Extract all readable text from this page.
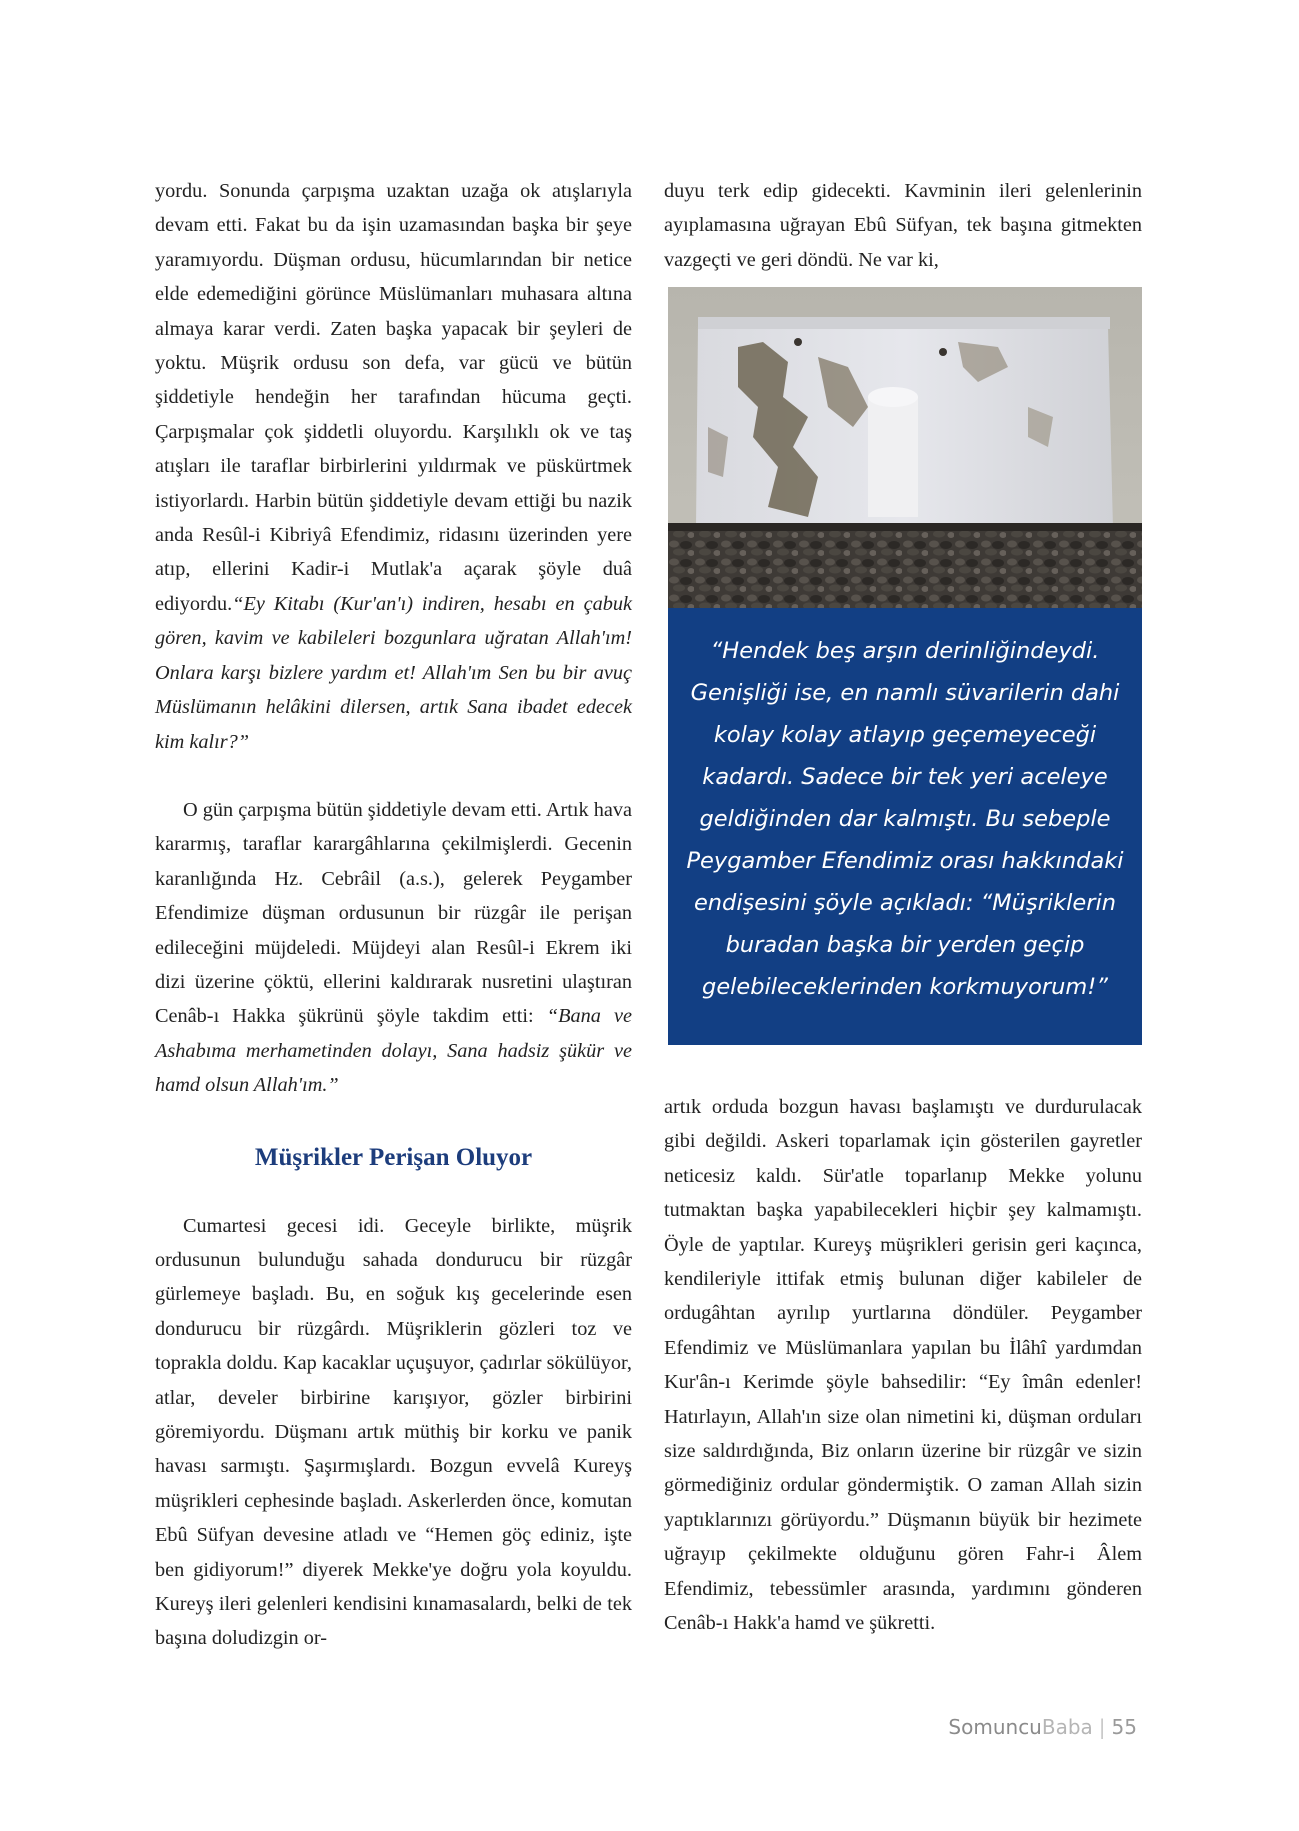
yordu. Sonunda çarpışma uzaktan uzağa ok atışlarıyla devam etti. Fakat bu da işin uzamasından başka bir şeye yaramıyordu. Düşman ordusu, hücumlarından bir netice elde edemediğini görünce Müslümanları muhasara altına almaya karar verdi. Zaten başka yapacak bir şeyleri de yoktu. Müşrik ordusu son defa, var gücü ve bütün şiddetiyle hendeğin her tarafından hücuma geçti. Çarpışmalar çok şiddetli oluyordu. Karşılıklı ok ve taş atışları ile taraflar birbirlerini yıldırmak ve püskürtmek istiyorlardı. Harbin bütün şiddetiyle devam ettiği bu nazik anda Resûl-i Kibriyâ Efendimiz, ridasını üzerinden yere atıp, ellerini Kadir-i Mutlak'a açarak şöyle duâ ediyordu.“Ey Kitabı (Kur'an'ı) indiren, hesabı en çabuk gören, kavim ve kabileleri bozgunlara uğratan Allah'ım! Onlara karşı bizlere yardım et! Allah'ım Sen bu bir avuç Müslümanın helâkini dilersen, artık Sana ibadet edecek kim kalır?”

O gün çarpışma bütün şiddetiyle devam etti. Artık hava kararmış, taraflar karargâhlarına çekilmişlerdi. Gecenin karanlığında Hz. Cebrâil (a.s.), gelerek Peygamber Efendimize düşman ordusunun bir rüzgâr ile perişan edileceğini müjdeledi. Müjdeyi alan Resûl-i Ekrem iki dizi üzerine çöktü, ellerini kaldırarak nusretini ulaştıran Cenâb-ı Hakka şükrünü şöyle takdim etti: “Bana ve Ashabıma merhametinden dolayı, Sana hadsiz şükür ve hamd olsun Allah'ım.”

Müşrikler Perişan Oluyor

Cumartesi gecesi idi. Geceyle birlikte, müşrik ordusunun bulunduğu sahada dondurucu bir rüzgâr gürlemeye başladı. Bu, en soğuk kış gecelerinde esen dondurucu bir rüzgârdı. Müşriklerin gözleri toz ve toprakla doldu. Kap kacaklar uçuşuyor, çadırlar sökülüyor, atlar, develer birbirine karışıyor, gözler birbirini göremiyordu. Düşmanı artık müthiş bir korku ve panik havası sarmıştı. Şaşırmışlardı. Bozgun evvelâ Kureyş müşrikleri cephesinde başladı. Askerlerden önce, komutan Ebû Süfyan devesine atladı ve “Hemen göç ediniz, işte ben gidiyorum!” diyerek Mekke'ye doğru yola koyuldu. Kureyş ileri gelenleri kendisini kınamasalardı, belki de tek başına doludizgin or-

duyu terk edip gidecekti. Kavminin ileri gelenlerinin ayıplamasına uğrayan Ebû Süfyan, tek başına gitmekten vazgeçti ve geri döndü. Ne var ki,

“Hendek beş arşın derinliğindeydi. Genişliği ise, en namlı süvarilerin dahi kolay kolay atlayıp geçemeyeceği kadardı. Sadece bir tek yeri aceleye geldiğinden dar kalmıştı. Bu sebeple Peygamber Efendimiz orası hakkındaki endişesini şöyle açıkladı: “Müşriklerin buradan başka bir yerden geçip gelebileceklerinden korkmuyorum!”

artık orduda bozgun havası başlamıştı ve durdurulacak gibi değildi. Askeri toparlamak için gösterilen gayretler neticesiz kaldı. Sür'atle toparlanıp Mekke yolunu tutmaktan başka yapabilecekleri hiçbir şey kalmamıştı. Öyle de yaptılar. Kureyş müşrikleri gerisin geri kaçınca, kendileriyle ittifak etmiş bulunan diğer kabileler de ordugâhtan ayrılıp yurtlarına döndüler. Peygamber Efendimiz ve Müslümanlara yapılan bu İlâhî yardımdan Kur'ân-ı Kerimde şöyle bahsedilir: “Ey îmân edenler! Hatırlayın, Allah'ın size olan nimetini ki, düşman orduları size saldırdığında, Biz onların üzerine bir rüzgâr ve sizin görmediğiniz ordular göndermiştik. O zaman Allah sizin yaptıklarınızı görüyordu.” Düşmanın büyük bir hezimete uğrayıp çekilmekte olduğunu gören Fahr-i Âlem Efendimiz, tebessümler arasında, yardımını gönderen Cenâb-ı Hakk'a hamd ve şükretti.

SomuncuBaba | 55
